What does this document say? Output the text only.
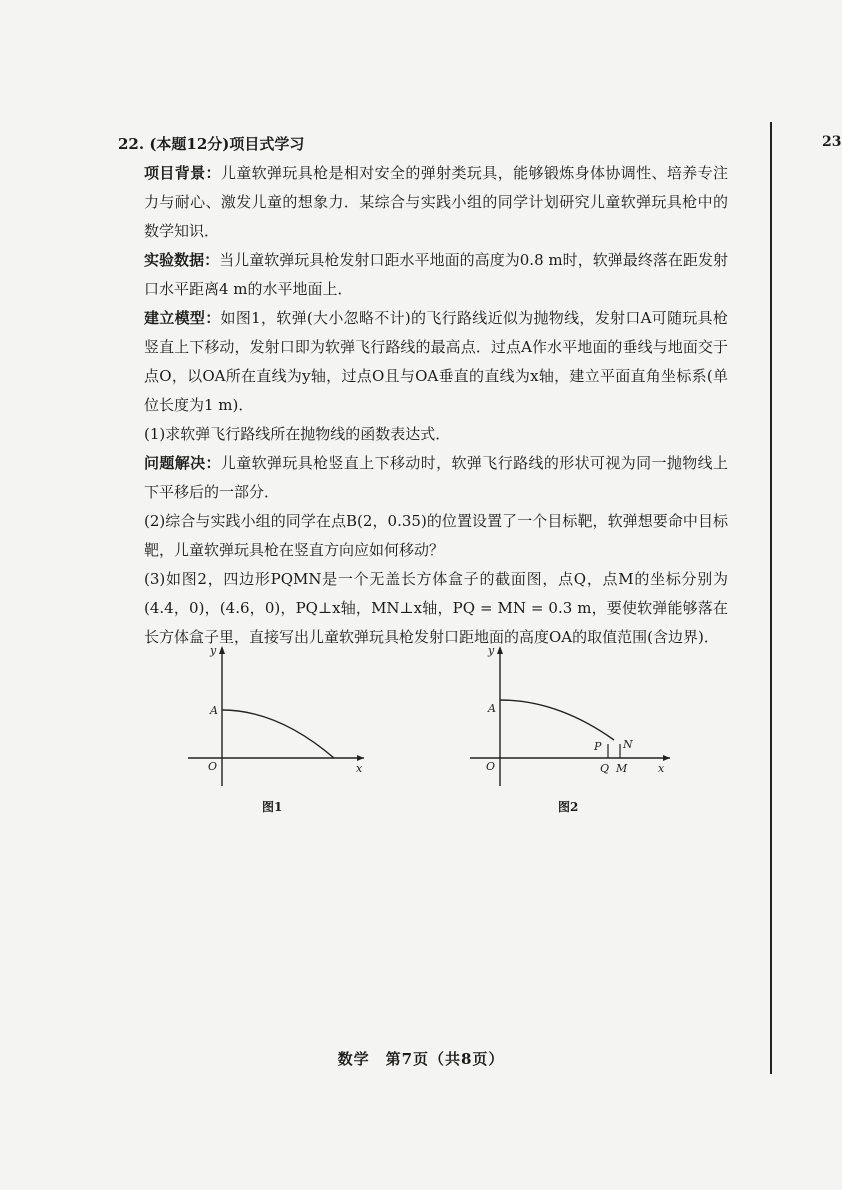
23
22. (本题12分)项目式学习

项目背景：儿童软弹玩具枪是相对安全的弹射类玩具，能够锻炼身体协调性、培养专注力与耐心、激发儿童的想象力．某综合与实践小组的同学计划研究儿童软弹玩具枪中的数学知识．

实验数据：当儿童软弹玩具枪发射口距水平地面的高度为0.8 m时，软弹最终落在距发射口水平距离4 m的水平地面上．

建立模型：如图1，软弹(大小忽略不计)的飞行路线近似为抛物线，发射口A可随玩具枪竖直上下移动，发射口即为软弹飞行路线的最高点．过点A作水平地面的垂线与地面交于点O，以OA所在直线为y轴，过点O且与OA垂直的直线为x轴，建立平面直角坐标系(单位长度为1 m)．

(1)求软弹飞行路线所在抛物线的函数表达式．

问题解决：儿童软弹玩具枪竖直上下移动时，软弹飞行路线的形状可视为同一抛物线上下平移后的一部分．

(2)综合与实践小组的同学在点B(2，0.35)的位置设置了一个目标靶，软弹想要命中目标靶，儿童软弹玩具枪在竖直方向应如何移动？

(3)如图2，四边形PQMN是一个无盖长方体盒子的截面图，点Q，点M的坐标分别为(4.4，0)，(4.6，0)，PQ⊥x轴，MN⊥x轴，PQ = MN = 0.3 m，要使软弹能够落在长方体盒子里，直接写出儿童软弹玩具枪发射口距地面的高度OA的取值范围(含边界)．

y
x
A
O
图1
y
x
A
O
P N
Q M
图2
数学　第7页（共8页）
